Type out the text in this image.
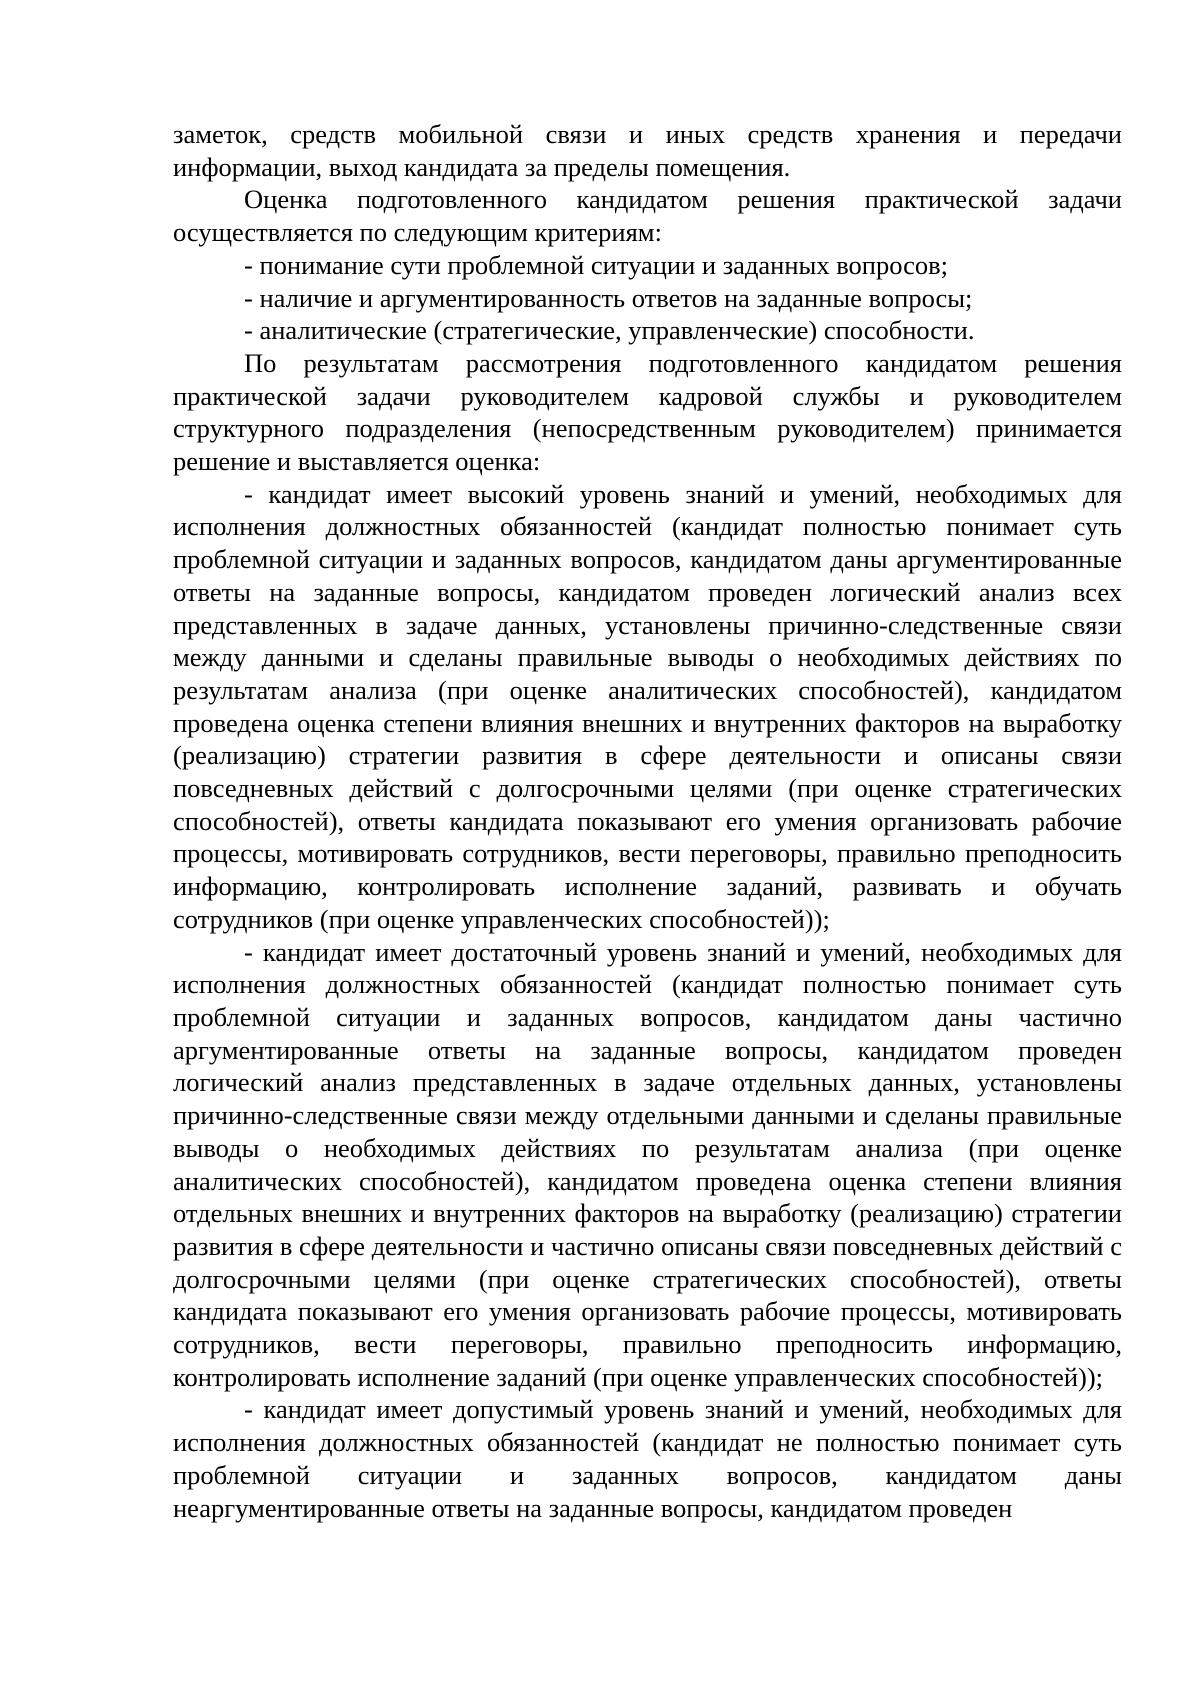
заметок, средств мобильной связи и иных средств хранения и передачи информации, выход кандидата за пределы помещения.

Оценка подготовленного кандидатом решения практической задачи осуществляется по следующим критериям:

- понимание сути проблемной ситуации и заданных вопросов;

- наличие и аргументированность ответов на заданные вопросы;

- аналитические (стратегические, управленческие) способности.

По результатам рассмотрения подготовленного кандидатом решения практической задачи руководителем кадровой службы и руководителем структурного подразделения (непосредственным руководителем) принимается решение и выставляется оценка:

- кандидат имеет высокий уровень знаний и умений, необходимых для исполнения должностных обязанностей (кандидат полностью понимает суть проблемной ситуации и заданных вопросов, кандидатом даны аргументированные ответы на заданные вопросы, кандидатом проведен логический анализ всех представленных в задаче данных, установлены причинно-следственные связи между данными и сделаны правильные выводы о необходимых действиях по результатам анализа (при оценке аналитических способностей), кандидатом проведена оценка степени влияния внешних и внутренних факторов на выработку (реализацию) стратегии развития в сфере деятельности и описаны связи повседневных действий с долгосрочными целями (при оценке стратегических способностей), ответы кандидата показывают его умения организовать рабочие процессы, мотивировать сотрудников, вести переговоры, правильно преподносить информацию, контролировать исполнение заданий, развивать и обучать сотрудников (при оценке управленческих способностей));

- кандидат имеет достаточный уровень знаний и умений, необходимых для исполнения должностных обязанностей (кандидат полностью понимает суть проблемной ситуации и заданных вопросов, кандидатом даны частично аргументированные ответы на заданные вопросы, кандидатом проведен логический анализ представленных в задаче отдельных данных, установлены причинно-следственные связи между отдельными данными и сделаны правильные выводы о необходимых действиях по результатам анализа (при оценке аналитических способностей), кандидатом проведена оценка степени влияния отдельных внешних и внутренних факторов на выработку (реализацию) стратегии развития в сфере деятельности и частично описаны связи повседневных действий с долгосрочными целями (при оценке стратегических способностей), ответы кандидата показывают его умения организовать рабочие процессы, мотивировать сотрудников, вести переговоры, правильно преподносить информацию, контролировать исполнение заданий (при оценке управленческих способностей));

- кандидат имеет допустимый уровень знаний и умений, необходимых для исполнения должностных обязанностей (кандидат не полностью понимает суть проблемной ситуации и заданных вопросов, кандидатом даны неаргументированные ответы на заданные вопросы, кандидатом проведен
